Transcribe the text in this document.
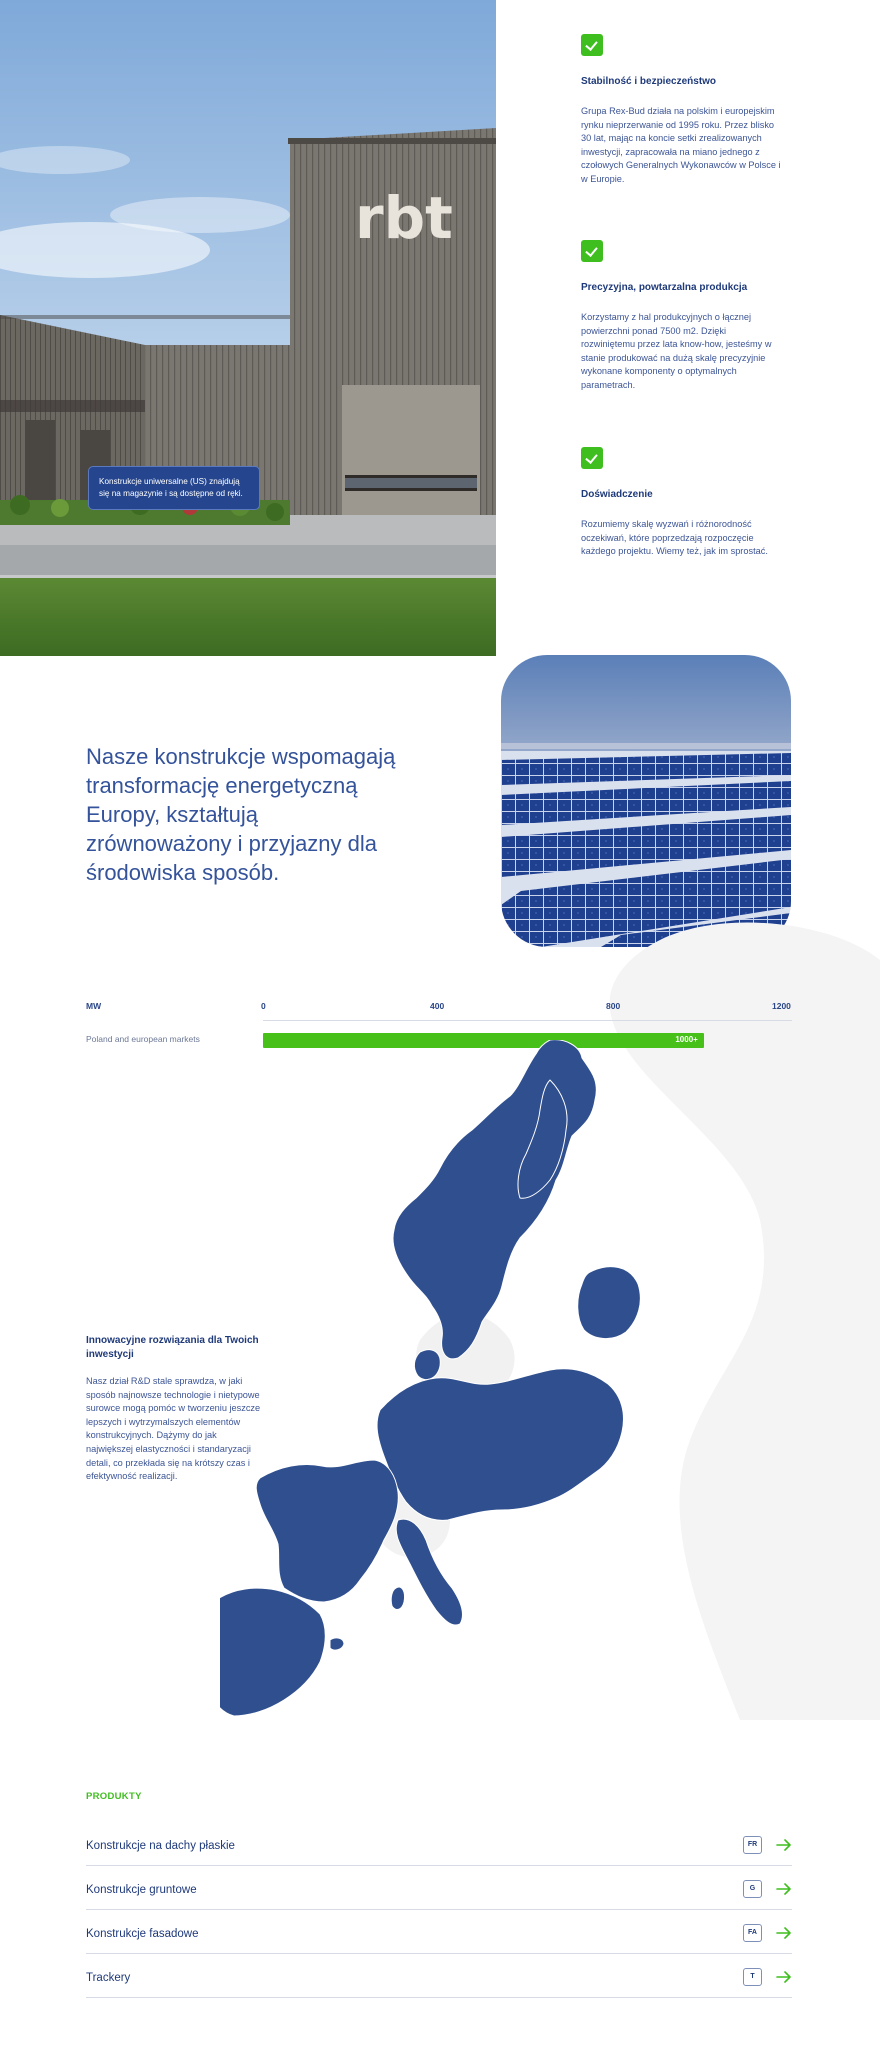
rbt
Konstrukcje uniwersalne (US) znajdują się na magazynie i są dostępne od ręki.
Stabilność i bezpieczeństwo

Grupa Rex-Bud działa na polskim i europejskim rynku nieprzerwanie od 1995 roku. Przez blisko 30 lat, mając na koncie setki zrealizowanych inwestycji, zapracowała na miano jednego z czołowych Generalnych Wykonawców w Polsce i w Europie.

Precyzyjna, powtarzalna produkcja

Korzystamy z hal produkcyjnych o łącznej powierzchni ponad 7500 m2. Dzięki rozwiniętemu przez lata know-how, jesteśmy w stanie produkować na dużą skalę precyzyjnie wykonane komponenty o optymalnych parametrach.

Doświadczenie

Rozumiemy skalę wyzwań i różnorodność oczekiwań, które poprzedzają rozpoczęcie każdego projektu. Wiemy też, jak im sprostać.

Nasze konstrukcje wspomagają transformację energetyczną Europy, kształtują zrównoważony i przyjazny dla środowiska sposób.
MW	0	400	800	1200
Poland and european markets	1000+
Innowacyjne rozwiązania dla Twoich inwestycji

Nasz dział R&D stale sprawdza, w jaki sposób najnowsze technologie i nietypowe surowce mogą pomóc w tworzeniu jeszcze lepszych i wytrzymalszych elementów konstrukcyjnych. Dążymy do jak największej elastyczności i standaryzacji detali, co przekłada się na krótszy czas i efektywność realizacji.

PRODUKTY
Konstrukcje na dachy płaskie	FR
Konstrukcje gruntowe	G
Konstrukcje fasadowe	FA
Trackery	T
